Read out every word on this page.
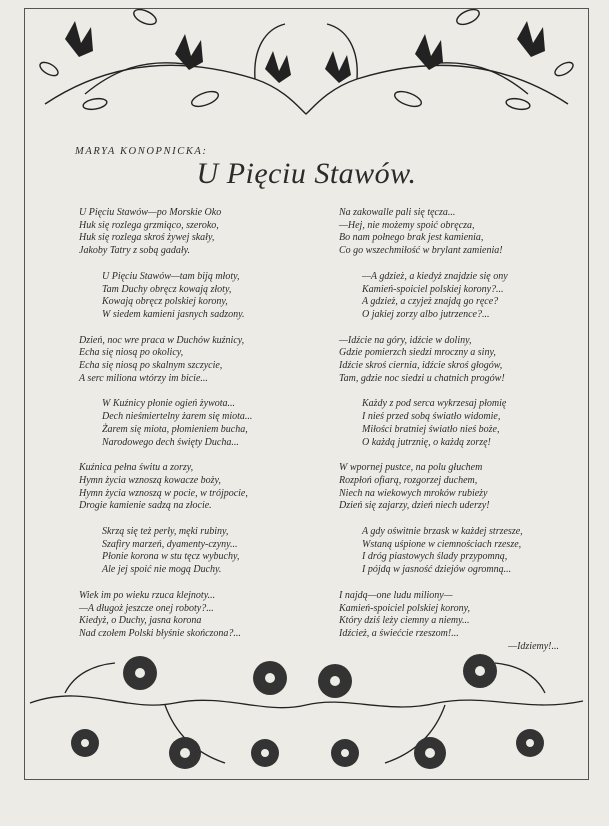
MARYA KONOPNICKA:
U Pięciu Stawów.
U Pięciu Stawów—po Morskie Oko
Huk się rozlega grzmiąco, szeroko,
Huk się rozlega skroś żywej skały,
Jakoby Tatry z sobą gadały.
U Pięciu Stawów—tam biją młoty,
Tam Duchy obręcz kowają złoty,
Kowają obręcz polskiej korony,
W siedem kamieni jasnych sadzony.
Dzień, noc wre praca w Duchów kuźnicy,
Echa się niosą po okolicy,
Echa się niosą po skalnym szczycie,
A serc miliona wtórzy im bicie...
W Kuźnicy płonie ogień żywota...
Dech nieśmiertelny żarem się miota...
Żarem się miota, płomieniem bucha,
Narodowego dech święty Ducha...
Kuźnica pełna świtu a zorzy,
Hymn życia wznoszą kowacze boży,
Hymn życia wznoszą w pocie, w trójpocie,
Drogie kamienie sadzą na złocie.
Skrzą się też perły, męki rubiny,
Szafiry marzeń, dyamenty-czyny...
Płonie korona w stu tęcz wybuchy,
Ale jej spoić nie mogą Duchy.
Wiek im po wieku rzuca klejnoty...
—A długoż jeszcze onej roboty?...
Kiedyż, o Duchy, jasna korona
Nad czołem Polski błyśnie skończona?...
Na zakowalle pali się tęcza...
—Hej, nie możemy spoić obręcza,
Bo nam połnego brak jest kamienia,
Co go wszechmiłość w brylant zamienia!
—A gdzież, a kiedyż znajdzie się ony
Kamień-spoiciel polskiej korony?...
A gdzież, a czyjeż znajdą go ręce?
O jakiej zorzy albo jutrzence?...
—Idźcie na góry, idźcie w doliny,
Gdzie pomierzch siedzi mroczny a siny,
Idźcie skroś ciernia, idźcie skroś głogów,
Tam, gdzie noc siedzi u chatnich progów!
Każdy z pod serca wykrzesaj płomię
I nieś przed sobą światło widomie,
Miłości bratniej światło nieś boże,
O każdą jutrznię, o każdą zorzę!
W wpornej pustce, na polu głuchem
Rozpłoń ofiarą, rozgorzej duchem,
Niech na wiekowych mroków rubieży
Dzień się zajarzy, dzień niech uderzy!
A gdy oświtnie brzask w każdej strzesze,
Wstaną uśpione w ciemnościach rzesze,
I dróg piastowych ślady przypomną,
I pójdą w jasność dziejów ogromną...
I najdą—one ludu miliony—
Kamień-spoiciel polskiej korony,
Który dziś leży ciemny a niemy...
Idźcież, a świećcie rzeszom!...
—Idziemy!...
